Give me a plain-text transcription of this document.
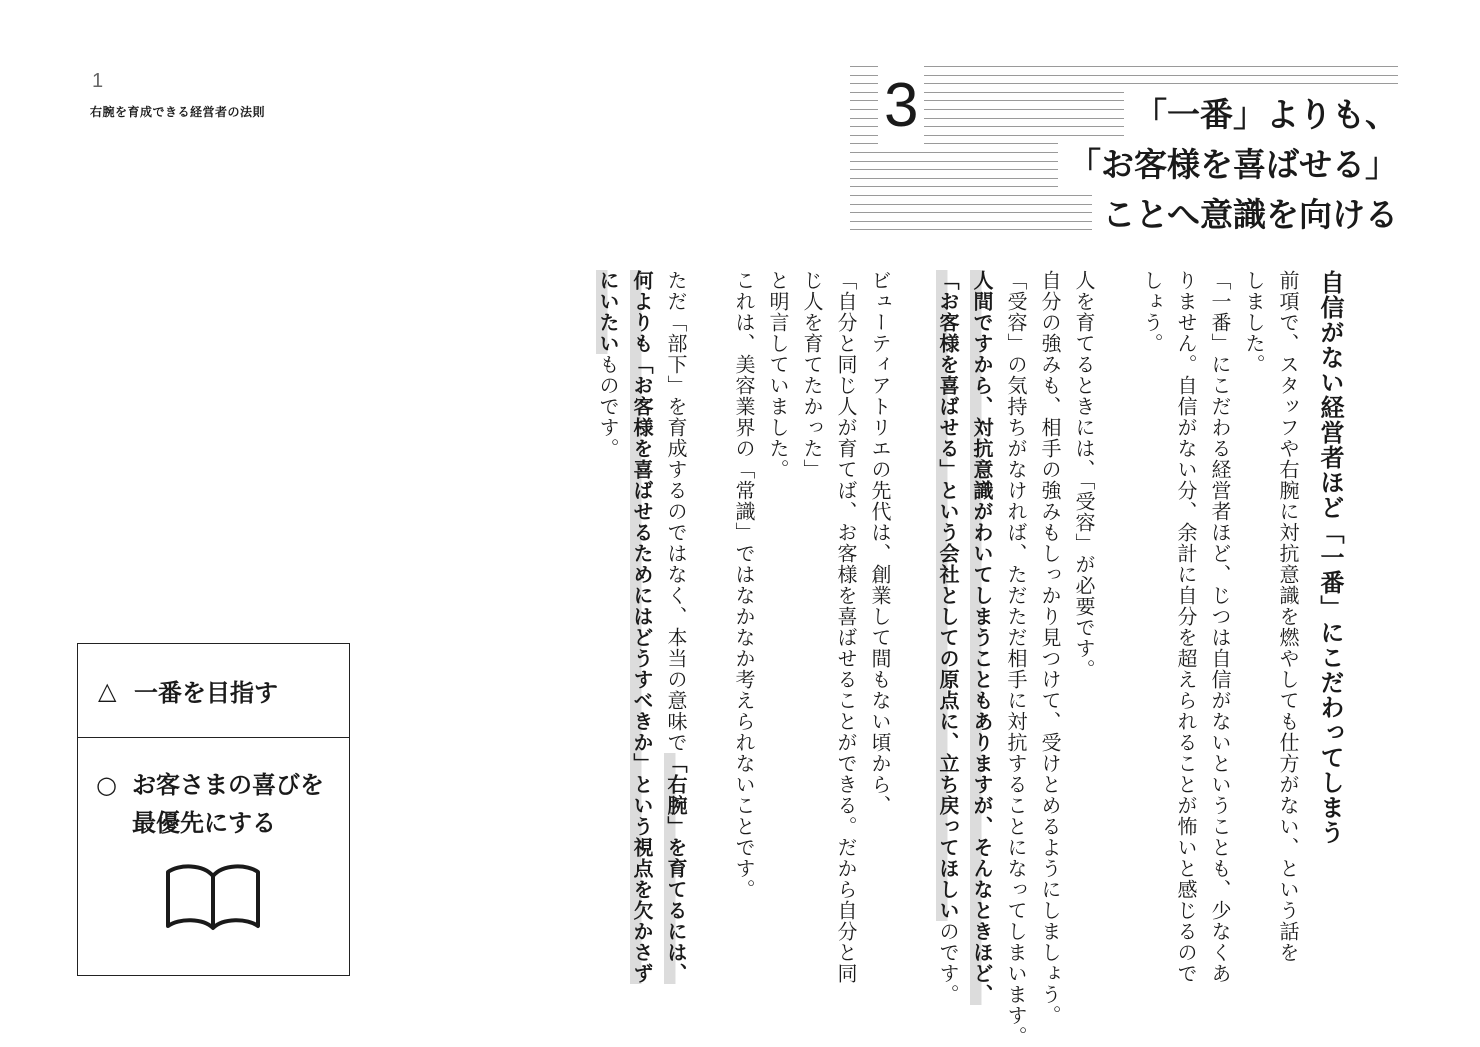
1
右腕を育成できる経営者の法則	3	「一番」よりも、
「お客様を喜ばせる」
ことへ意識を向ける
自信がない経営者ほど「一番」にこだわってしまう
前項で、スタッフや右腕に対抗意識を燃やしても仕方がない、という話を
しました。
「一番」にこだわる経営者ほど、じつは自信がないということも、少なくあ
りません。自信がない分、余計に自分を超えられることが怖いと感じるので
しょう。
人を育てるときには、「受容」が必要です。
自分の強みも、相手の強みもしっかり見つけて、受けとめるようにしましょう。
「受容」の気持ちがなければ、ただただ相手に対抗することになってしまいます。
人間ですから、対抗意識がわいてしまうこともありますが、そんなときほど、
「お客様を喜ばせる」という会社としての原点に、立ち戻ってほしいのです。
ビューティアトリエの先代は、創業して間もない頃から、
「自分と同じ人が育てば、お客様を喜ばせることができる。だから自分と同
じ人を育てたかった」
と明言していました。
これは、美容業界の「常識」ではなかなか考えられないことです。
ただ「部下」を育成するのではなく、本当の意味で「右腕」を育てるには、
何よりも「お客様を喜ばせるためにはどうすべきか」という視点を欠かさず
にいたいものです。
△ 一番を目指す
○ お客さまの喜びを
最優先にする
